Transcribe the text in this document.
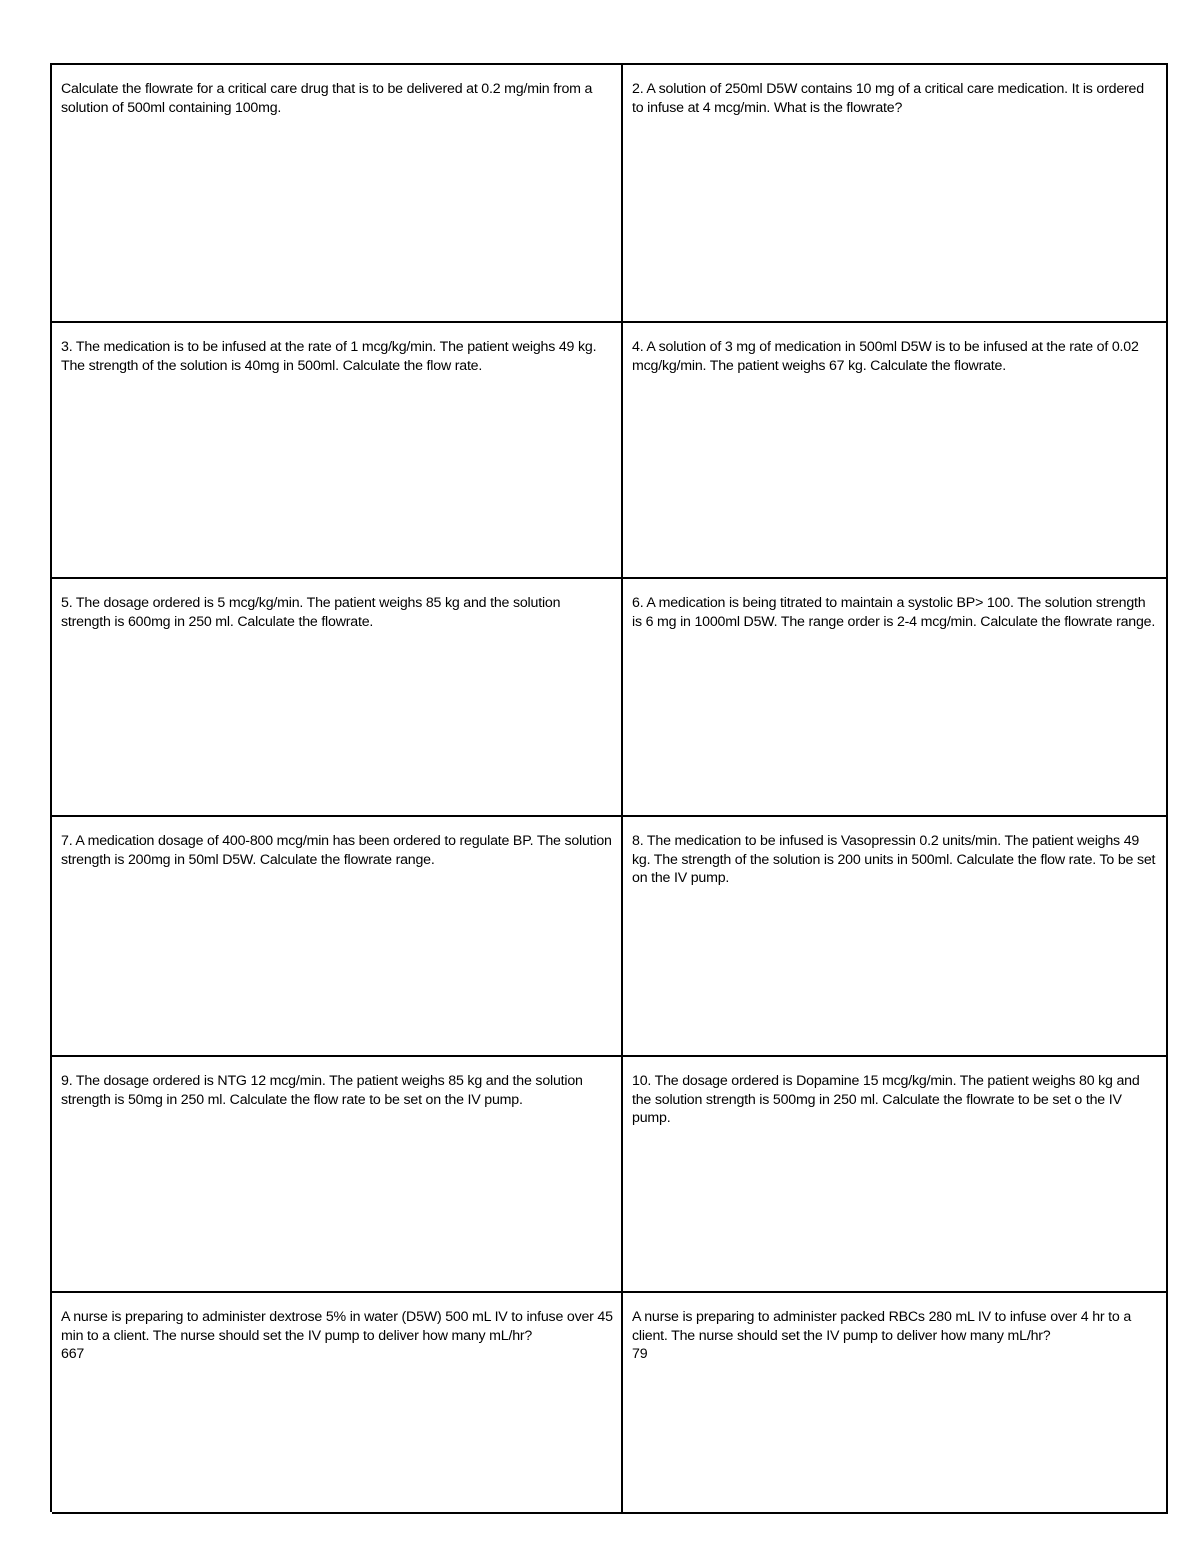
Calculate the flowrate for a critical care drug that is to be delivered at 0.2 mg/min from a solution of 500ml containing 100mg.
2. A solution of 250ml D5W contains 10 mg of a critical care medication. It is ordered to infuse at 4 mcg/min. What is the flowrate?
3. The medication is to be infused at the rate of 1 mcg/kg/min. The patient weighs 49 kg. The strength of the solution is 40mg in 500ml. Calculate the flow rate.
4. A solution of 3 mg of medication in 500ml D5W is to be infused at the rate of 0.02 mcg/kg/min. The patient weighs 67 kg. Calculate the flowrate.
5. The dosage ordered is 5 mcg/kg/min. The patient weighs 85 kg and the solution strength is 600mg in 250 ml. Calculate the flowrate.
6. A medication is being titrated to maintain a systolic BP> 100. The solution strength is 6 mg in 1000ml D5W. The range order is 2-4 mcg/min. Calculate the flowrate range.
7. A medication dosage of 400-800 mcg/min has been ordered to regulate BP. The solution strength is 200mg in 50ml D5W. Calculate the flowrate range.
8. The medication to be infused is Vasopressin 0.2 units/min. The patient weighs 49 kg. The strength of the solution is 200 units in 500ml. Calculate the flow rate. To be set on the IV pump.
9. The dosage ordered is NTG 12 mcg/min. The patient weighs 85 kg and the solution strength is 50mg in 250 ml. Calculate the flow rate to be set on the IV pump.
10. The dosage ordered is Dopamine 15 mcg/kg/min. The patient weighs 80 kg and the solution strength is 500mg in 250 ml. Calculate the flowrate to be set o the IV pump.
A nurse is preparing to administer dextrose 5% in water (D5W) 500 mL IV to infuse over 45 min to a client. The nurse should set the IV pump to deliver how many mL/hr?
667
A nurse is preparing to administer packed RBCs 280 mL IV to infuse over 4 hr to a client. The nurse should set the IV pump to deliver how many mL/hr?
79
